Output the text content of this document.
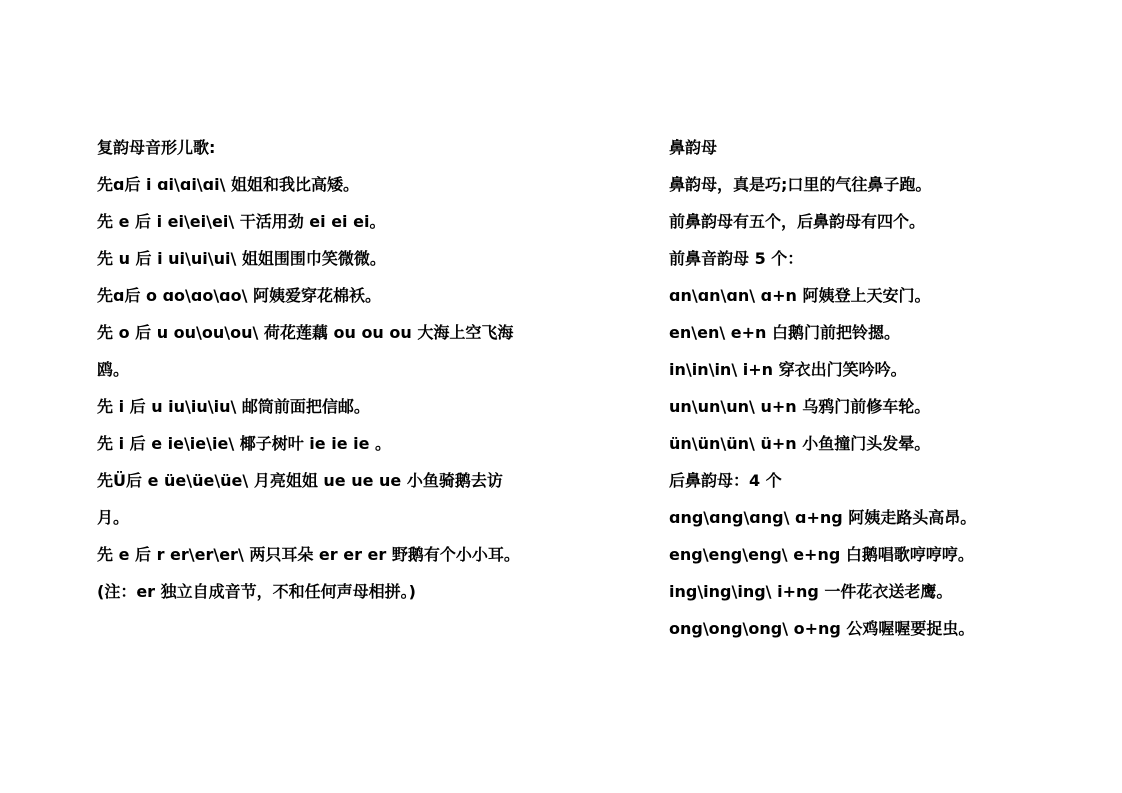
复韵母音形儿歌:
先ɑ后 i ɑi\ɑi\ɑi\ 姐姐和我比高矮。
先 e 后 i ei\ei\ei\ 干活用劲 ei ei ei。
先 u 后 i ui\ui\ui\ 姐姐围围巾笑微微。
先ɑ后 o ɑo\ɑo\ɑo\ 阿姨爱穿花棉袄。
先 o 后 u ou\ou\ou\ 荷花莲藕 ou ou ou 大海上空飞海
鸥。
先 i 后 u iu\iu\iu\ 邮筒前面把信邮。
先 i 后 e ie\ie\ie\ 椰子树叶 ie ie ie 。
先Ü后 e üe\üe\üe\ 月亮姐姐 ue ue ue 小鱼骑鹅去访
月。
先 e 后 r er\er\er\ 两只耳朵 er er er 野鹅有个小小耳。
(注：er 独立自成音节，不和任何声母相拼。)
鼻韵母
鼻韵母，真是巧;口里的气往鼻子跑。
前鼻韵母有五个，后鼻韵母有四个。
前鼻音韵母 5 个：
ɑn\ɑn\ɑn\ ɑ+n 阿姨登上天安门。
en\en\ e+n 白鹅门前把铃摁。
in\in\in\ i+n 穿衣出门笑吟吟。
un\un\un\ u+n 乌鸦门前修车轮。
ün\ün\ün\ ü+n 小鱼撞门头发晕。
后鼻韵母：4 个
ɑng\ɑng\ɑng\ ɑ+ng 阿姨走路头高昂。
eng\eng\eng\ e+ng 白鹅唱歌哼哼哼。
ing\ing\ing\ i+ng 一件花衣送老鹰。
ong\ong\ong\ o+ng 公鸡喔喔要捉虫。
